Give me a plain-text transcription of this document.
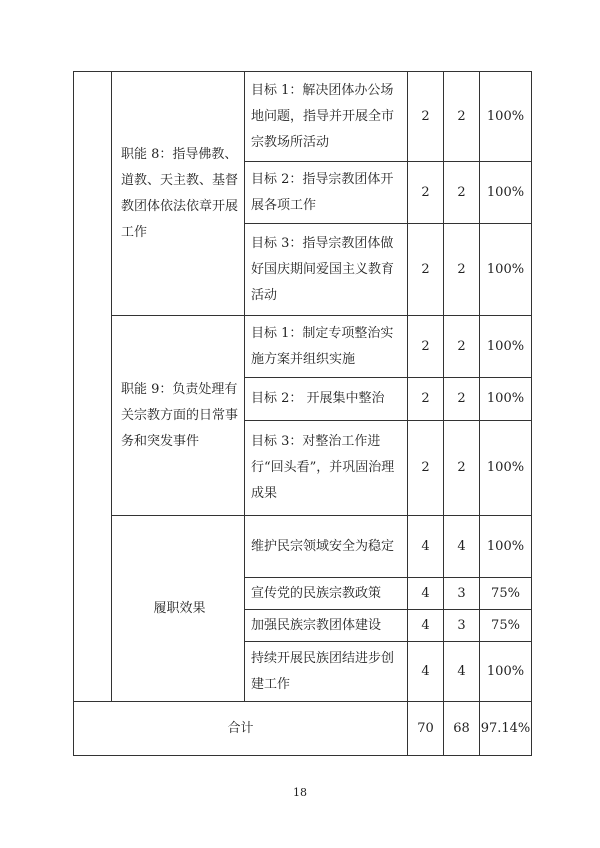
	职能 8：指导佛教、道教、天主教、基督教团体依法依章开展工作	目标 1：解决团体办公场地问题，指导并开展全市宗教场所活动	2	2	100%
		目标 2：指导宗教团体开展各项工作	2	2	100%
		目标 3：指导宗教团体做好国庆期间爱国主义教育活动	2	2	100%
	职能 9：负责处理有关宗教方面的日常事务和突发事件	目标 1：制定专项整治实施方案并组织实施	2	2	100%
		目标 2： 开展集中整治	2	2	100%
		目标 3：对整治工作进行“回头看”，并巩固治理成果	2	2	100%
	履职效果	维护民宗领域安全为稳定	4	4	100%
		宣传党的民族宗教政策	4	3	75%
		加强民族宗教团体建设	4	3	75%
		持续开展民族团结进步创建工作	4	4	100%
合计			70	68	97.14%
18
